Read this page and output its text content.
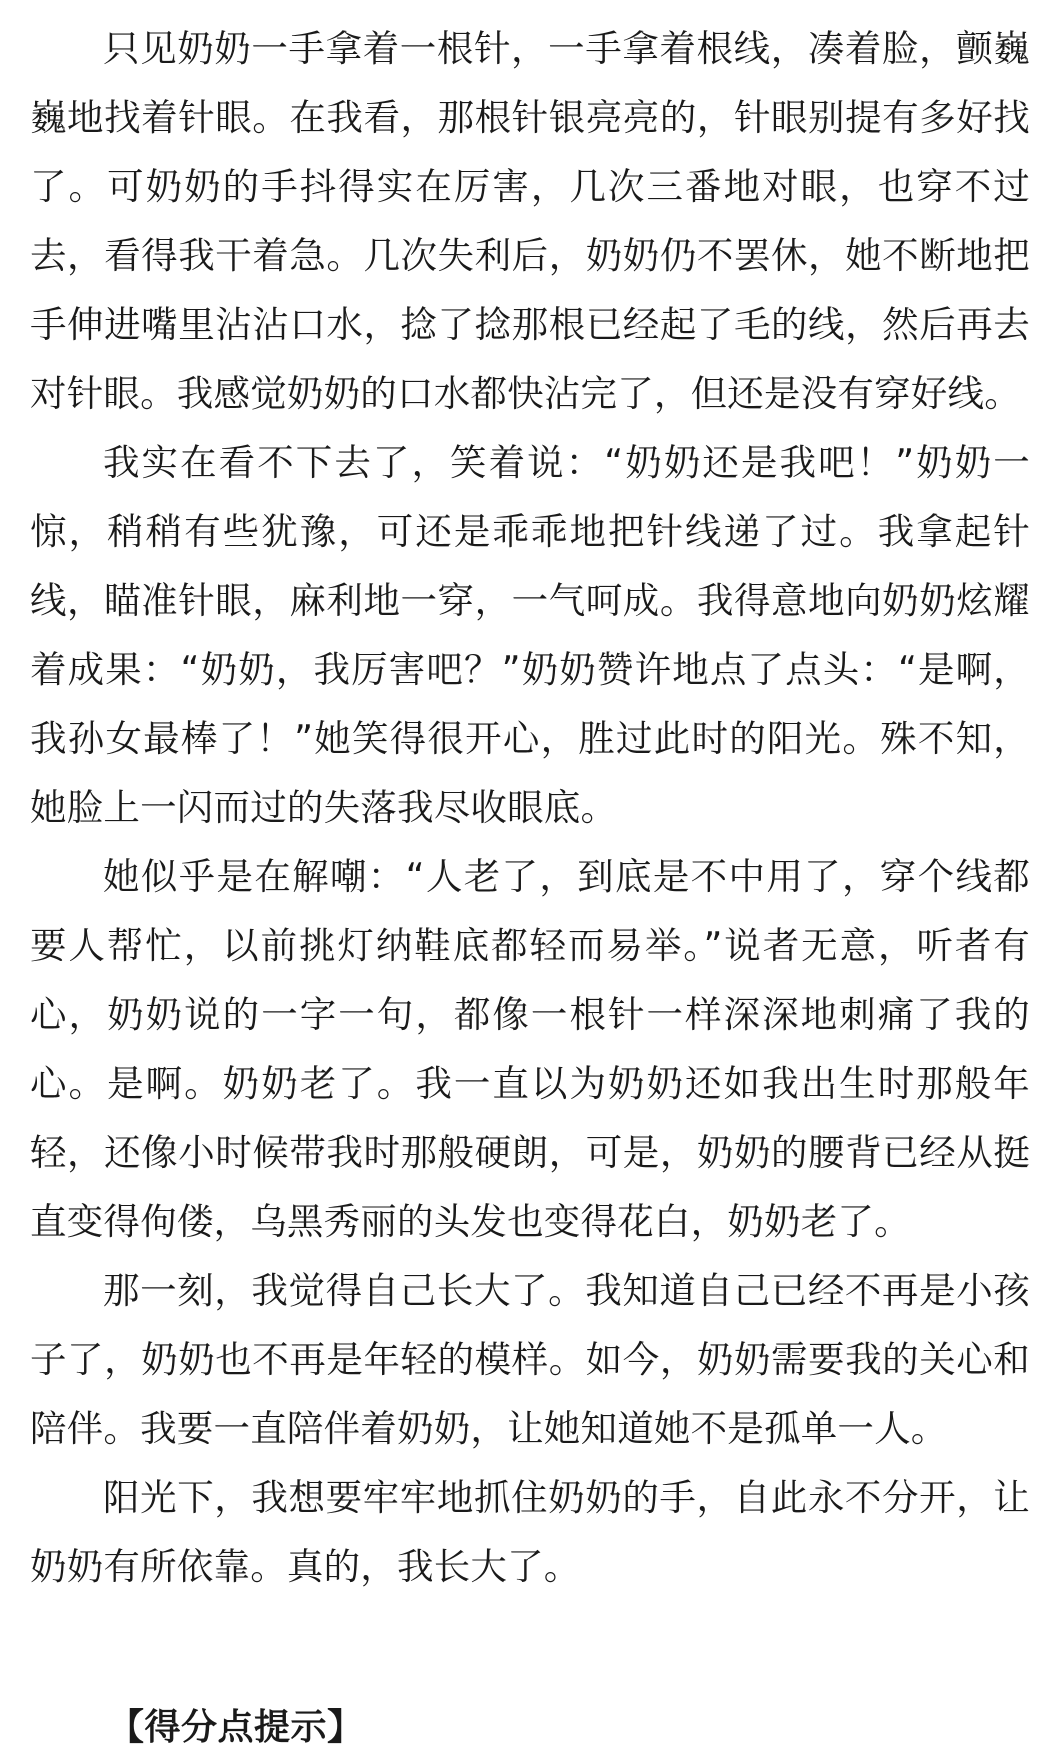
只见奶奶一手拿着一根针，一手拿着根线，凑着脸，颤巍巍地找着针眼。在我看，那根针银亮亮的，针眼别提有多好找了。可奶奶的手抖得实在厉害，几次三番地对眼，也穿不过去，看得我干着急。几次失利后，奶奶仍不罢休，她不断地把手伸进嘴里沾沾口水，捻了捻那根已经起了毛的线，然后再去对针眼。我感觉奶奶的口水都快沾完了，但还是没有穿好线。

我实在看不下去了，笑着说：“奶奶还是我吧！”奶奶一惊，稍稍有些犹豫，可还是乖乖地把针线递了过。我拿起针线，瞄准针眼，麻利地一穿，一气呵成。我得意地向奶奶炫耀着成果：“奶奶，我厉害吧？”奶奶赞许地点了点头：“是啊，我孙女最棒了！”她笑得很开心，胜过此时的阳光。殊不知，她脸上一闪而过的失落我尽收眼底。

她似乎是在解嘲：“人老了，到底是不中用了，穿个线都要人帮忙，以前挑灯纳鞋底都轻而易举。”说者无意，听者有心，奶奶说的一字一句，都像一根针一样深深地刺痛了我的心。是啊。奶奶老了。我一直以为奶奶还如我出生时那般年轻，还像小时候带我时那般硬朗，可是，奶奶的腰背已经从挺直变得佝偻，乌黑秀丽的头发也变得花白，奶奶老了。

那一刻，我觉得自己长大了。我知道自己已经不再是小孩子了，奶奶也不再是年轻的模样。如今，奶奶需要我的关心和陪伴。我要一直陪伴着奶奶，让她知道她不是孤单一人。

阳光下，我想要牢牢地抓住奶奶的手，自此永不分开，让奶奶有所依靠。真的，我长大了。

【得分点提示】
